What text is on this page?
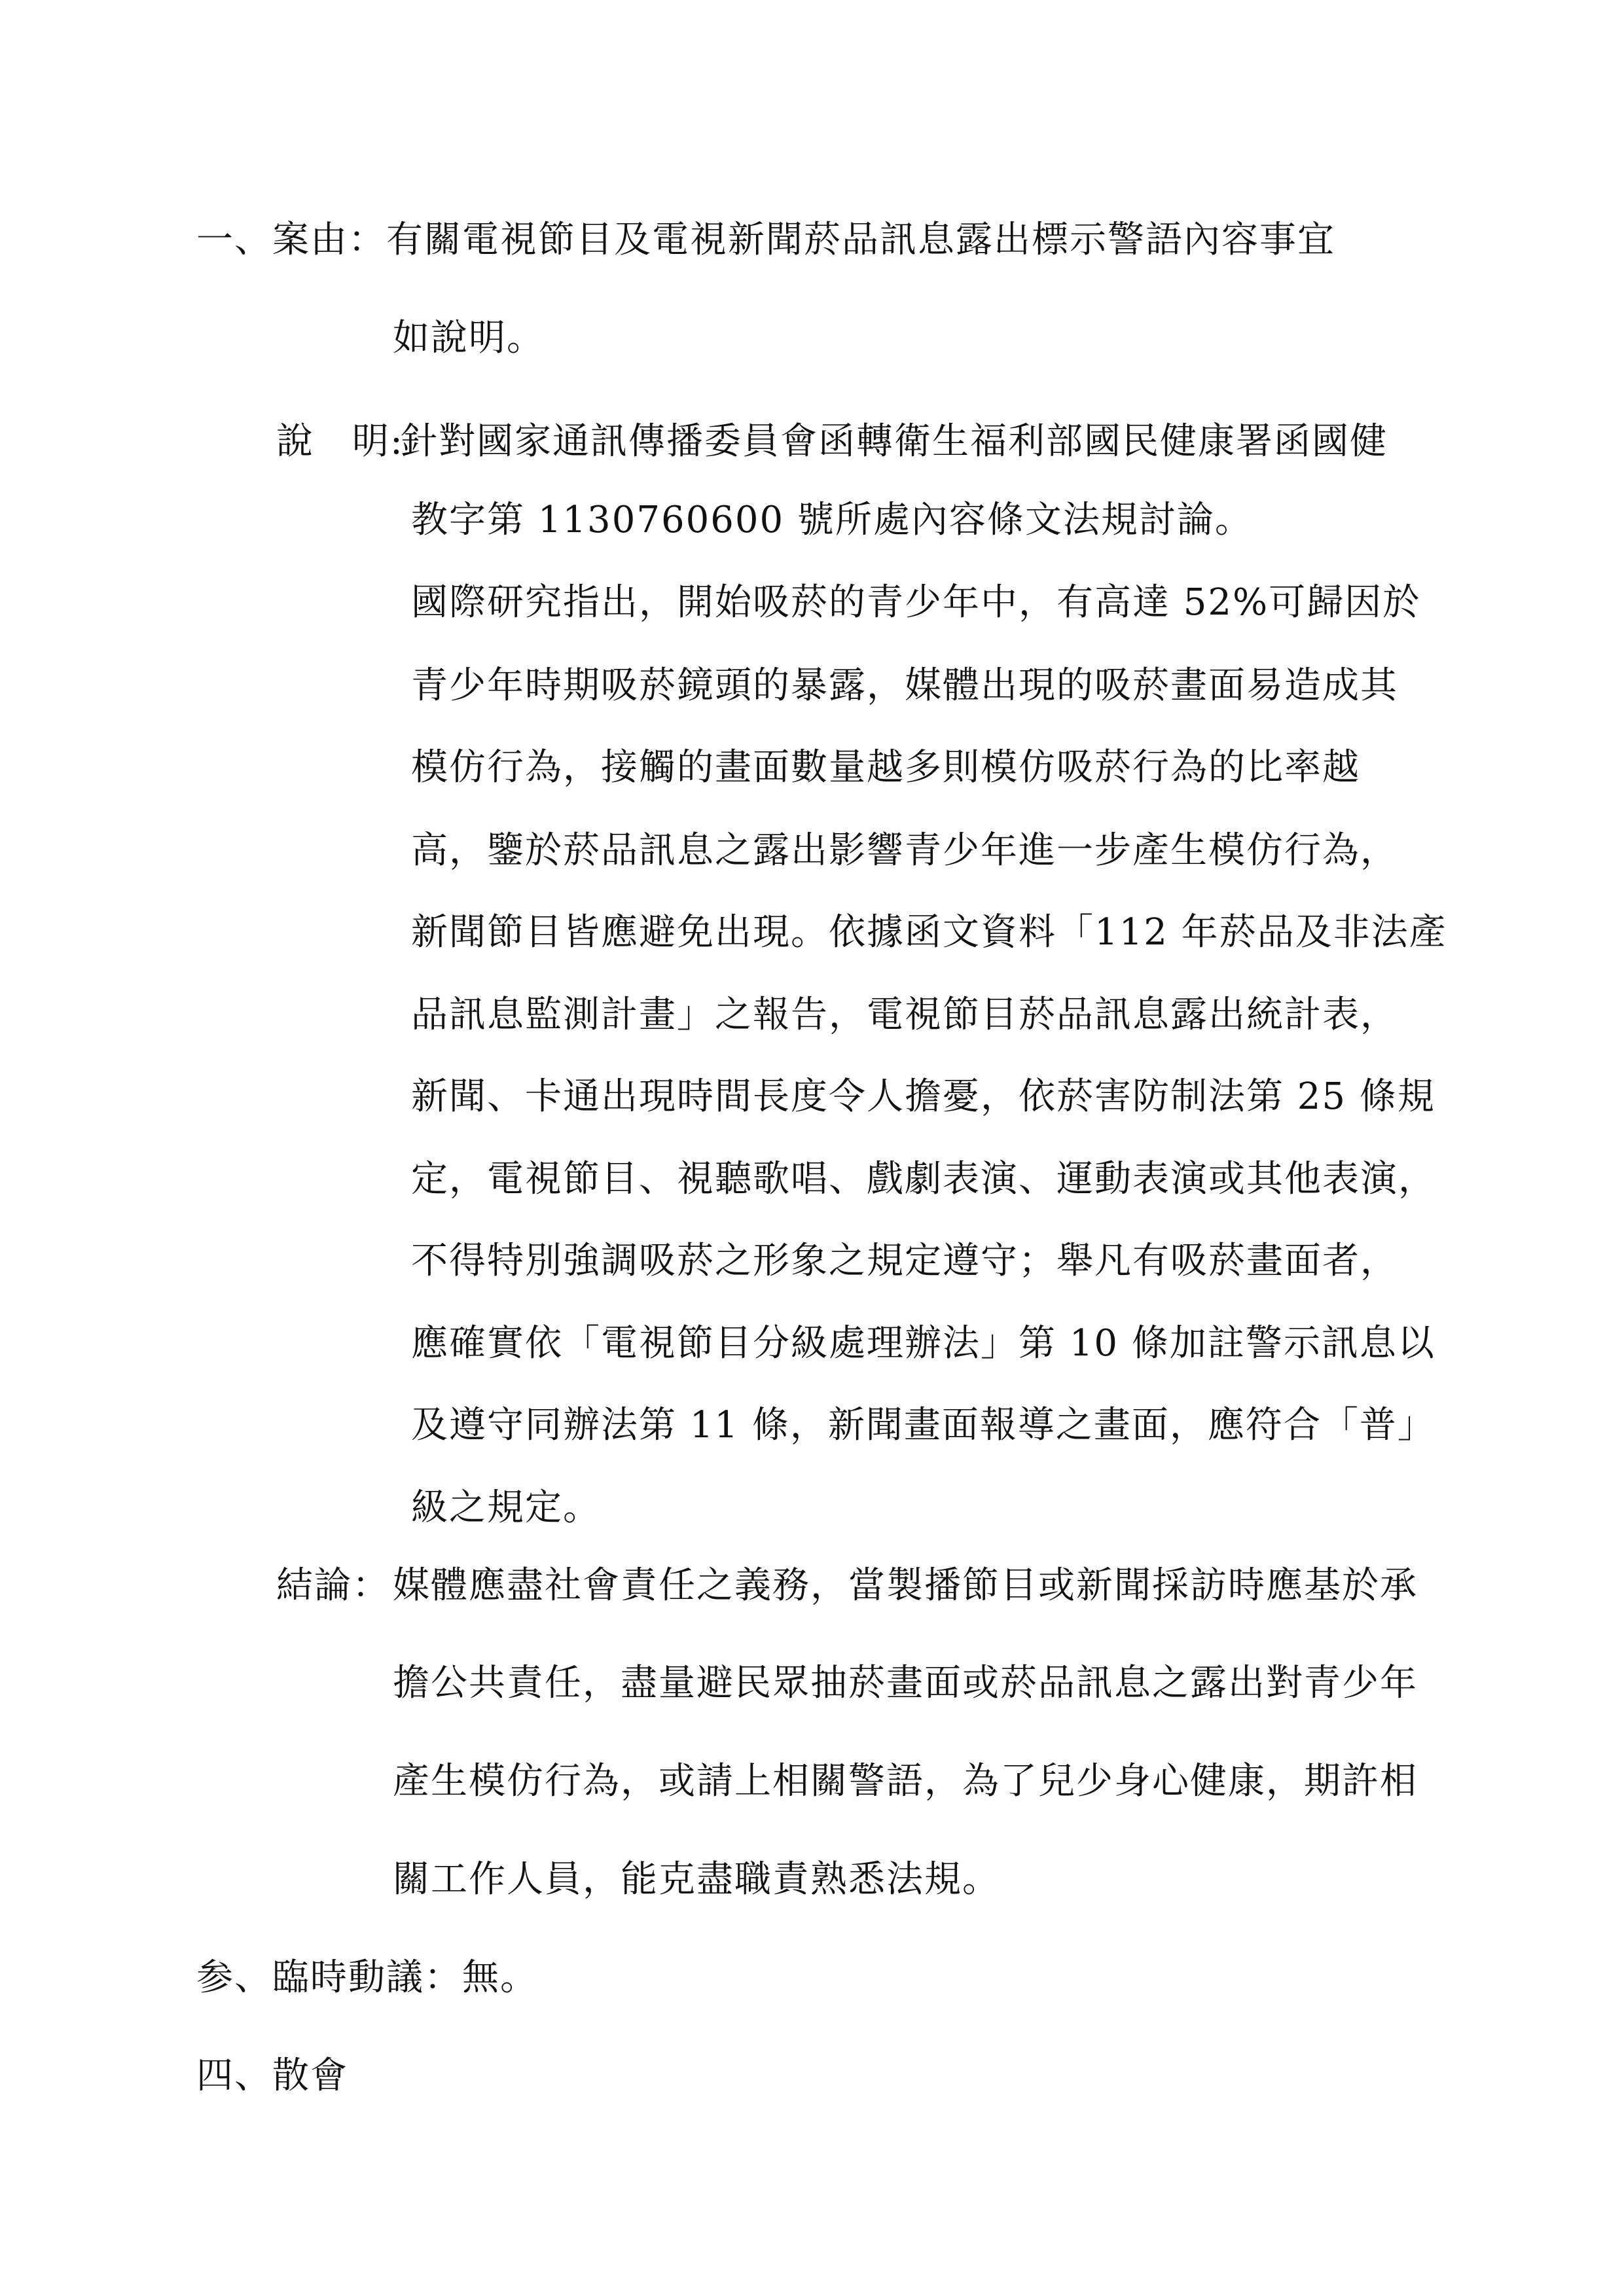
一、案由：有關電視節目及電視新聞菸品訊息露出標示警語內容事宜
如說明。
說　明:
針對國家通訊傳播委員會函轉衛生福利部國民健康署函國健
教字第 1130760600 號所處內容條文法規討論。
國際研究指出，開始吸菸的青少年中，有高達 52%可歸因於
青少年時期吸菸鏡頭的暴露，媒體出現的吸菸畫面易造成其
模仿行為，接觸的畫面數量越多則模仿吸菸行為的比率越
高，鑒於菸品訊息之露出影響青少年進一步產生模仿行為，
新聞節目皆應避免出現。依據函文資料「112 年菸品及非法產
品訊息監測計畫」之報告，電視節目菸品訊息露出統計表，
新聞、卡通出現時間長度令人擔憂，依菸害防制法第 25 條規
定，電視節目、視聽歌唱、戲劇表演、運動表演或其他表演，
不得特別強調吸菸之形象之規定遵守；舉凡有吸菸畫面者，
應確實依「電視節目分級處理辦法」第 10 條加註警示訊息以
及遵守同辦法第 11 條，新聞畫面報導之畫面，應符合「普」
級之規定。
結論： 媒體應盡社會責任之義務，當製播節目或新聞採訪時應基於承
擔公共責任，盡量避民眾抽菸畫面或菸品訊息之露出對青少年
產生模仿行為，或請上相關警語，為了兒少身心健康，期許相
關工作人員，能克盡職責熟悉法規。
参、臨時動議：無。
四、散會
